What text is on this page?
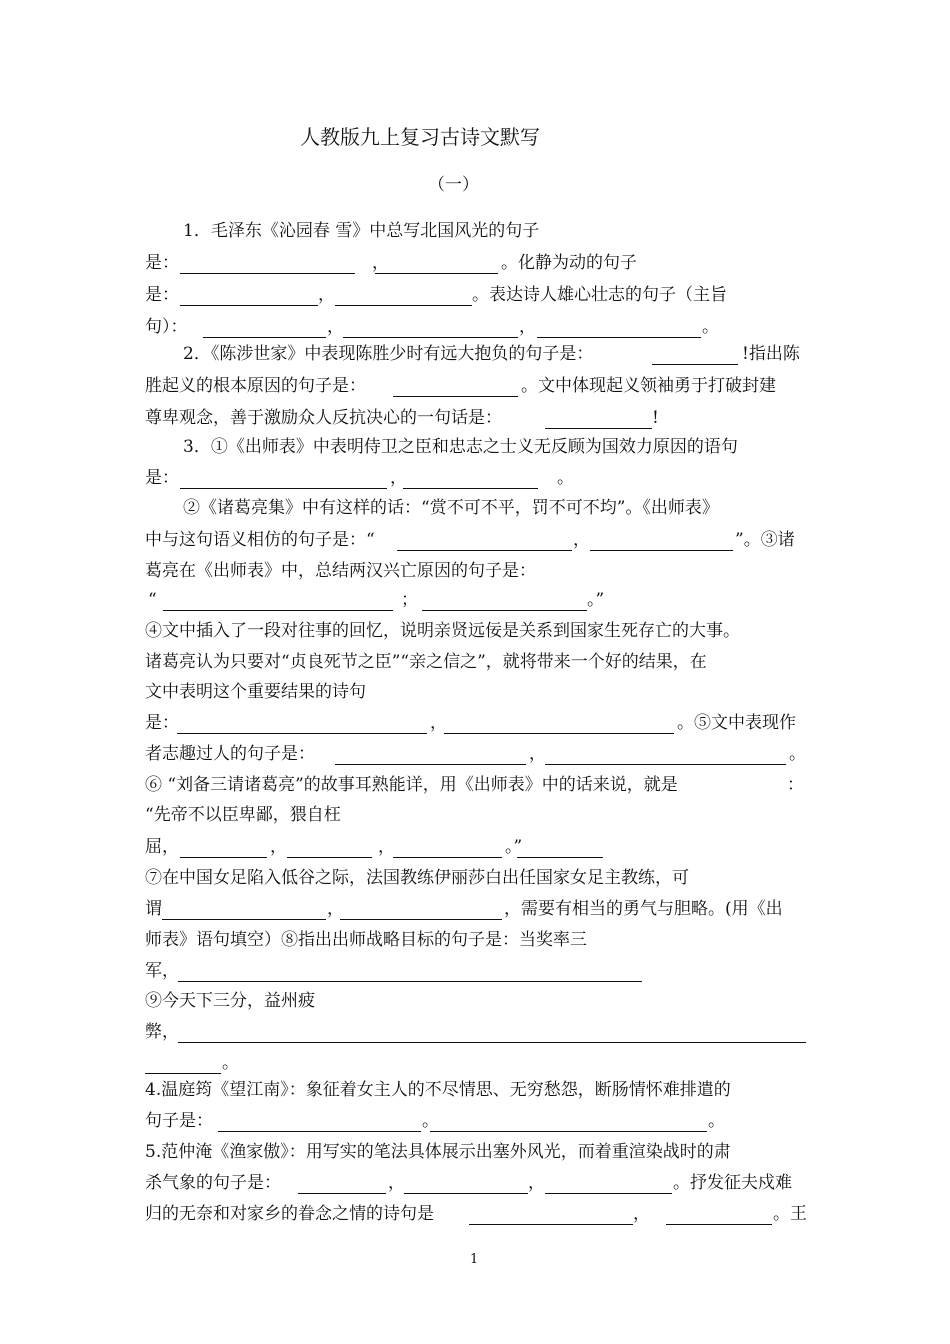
人教版九上复习古诗文默写
（一）
1．毛泽东《沁园春 雪》中总写北国风光的句子
是：	，	。化静为动的句子
是：	，	。表达诗人雄心壮志的句子（主旨
句）：	，	，	。
2．《陈涉世家》中表现陈胜少时有远大抱负的句子是：	!指出陈
胜起义的根本原因的句子是：	。文中体现起义领袖勇于打破封建
尊卑观念，善于激励众人反抗决心的一句话是：	!
3．①《出师表》中表明侍卫之臣和忠志之士义无反顾为国效力原因的语句
是：	，	。
②《诸葛亮集》中有这样的话：“赏不可不平，罚不可不均”。《出师表》
中与这句语义相仿的句子是：“	，	”。③诸
葛亮在《出师表》中，总结两汉兴亡原因的句子是：
“	；	。”
④文中插入了一段对往事的回忆，说明亲贤远佞是关系到国家生死存亡的大事。
诸葛亮认为只要对“贞良死节之臣”“亲之信之”，就将带来一个好的结果，在
文中表明这个重要结果的诗句
是：	，	。⑤文中表现作
者志趣过人的句子是：	，	。
⑥ “刘备三请诸葛亮”的故事耳熟能详，用《出师表》中的话来说，就是	：
“先帝不以臣卑鄙，猥自枉
屈，	，	，	。”
⑦在中国女足陷入低谷之际，法国教练伊丽莎白出任国家女足主教练，可
谓	，	，需要有相当的勇气与胆略。(用《出
师表》语句填空）⑧指出出师战略目标的句子是：当奖率三
军，
⑨今天下三分，益州疲
弊，
。
4.温庭筠《望江南》：象征着女主人的不尽情思、无穷愁怨，断肠情怀难排遣的
句子是：	。	。
5.范仲淹《渔家傲》：用写实的笔法具体展示出塞外风光，而着重渲染战时的肃
杀气象的句子是：	，	，	。抒发征夫戍难
归的无奈和对家乡的眷念之情的诗句是	，	。王
1
